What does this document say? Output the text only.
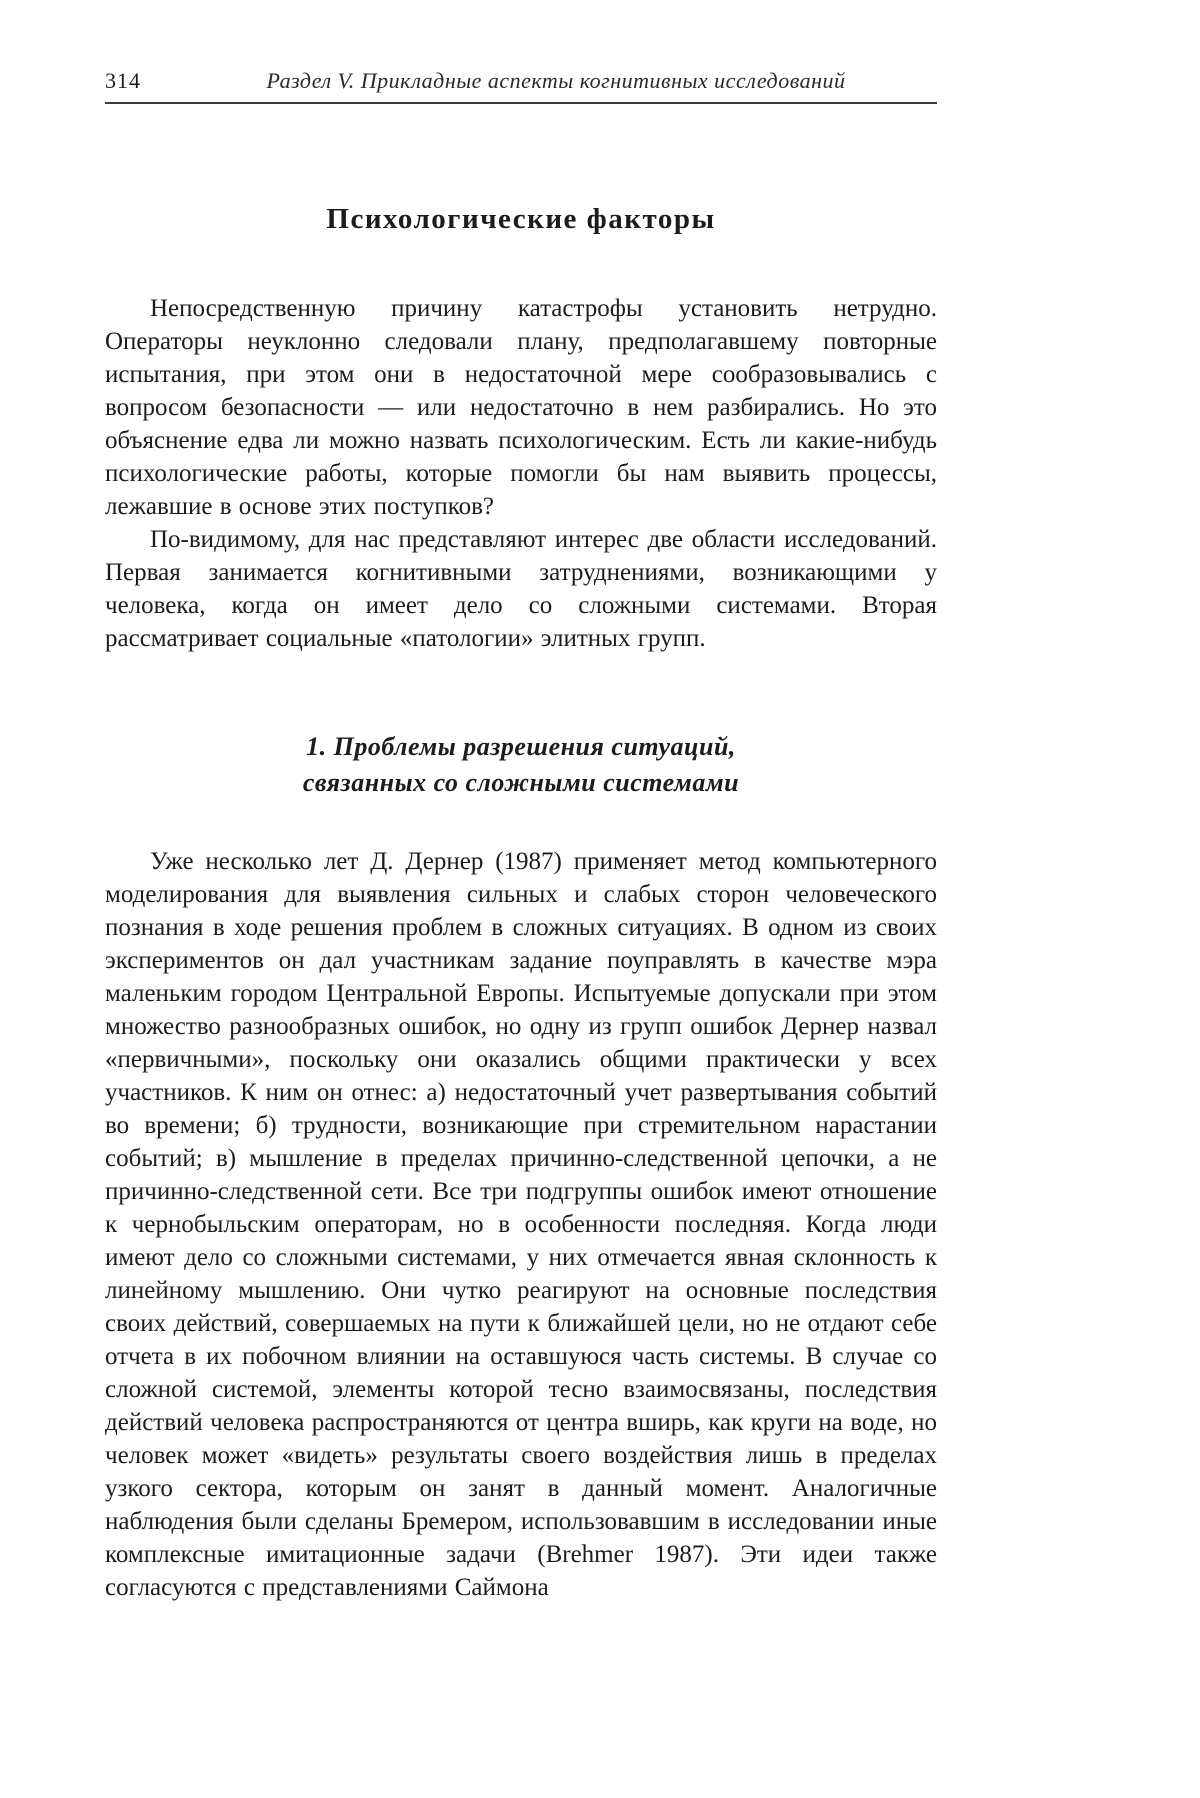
314	Раздел V. Прикладные аспекты когнитивных исследований
Психологические факторы

Непосредственную причину катастрофы установить нетрудно. Операторы неуклонно следовали плану, предполагавшему повторные испытания, при этом они в недостаточной мере сообразовывались с вопросом безопасности — или недостаточно в нем разбирались. Но это объяснение едва ли можно назвать психологическим. Есть ли какие-нибудь психологические работы, которые помогли бы нам выявить процессы, лежавшие в основе этих поступков?

По-видимому, для нас представляют интерес две области исследований. Первая занимается когнитивными затруднениями, возникающими у человека, когда он имеет дело со сложными системами. Вторая рассматривает социальные «патологии» элитных групп.

1. Проблемы разрешения ситуаций,
связанных со сложными системами

Уже несколько лет Д. Дернер (1987) применяет метод компьютерного моделирования для выявления сильных и слабых сторон человеческого познания в ходе решения проблем в сложных ситуациях. В одном из своих экспериментов он дал участникам задание поуправлять в качестве мэра маленьким городом Центральной Европы. Испытуемые допускали при этом множество разнообразных ошибок, но одну из групп ошибок Дернер назвал «первичными», поскольку они оказались общими практически у всех участников. К ним он отнес: а) недостаточный учет развертывания событий во времени; б) трудности, возникающие при стремительном нарастании событий; в) мышление в пределах причинно-следственной цепочки, а не причинно-следственной сети. Все три подгруппы ошибок имеют отношение к чернобыльским операторам, но в особенности последняя. Когда люди имеют дело со сложными системами, у них отмечается явная склонность к линейному мышлению. Они чутко реагируют на основные последствия своих действий, совершаемых на пути к ближайшей цели, но не отдают себе отчета в их побочном влиянии на оставшуюся часть системы. В случае со сложной системой, элементы которой тесно взаимосвязаны, последствия действий человека распространяются от центра вширь, как круги на воде, но человек может «видеть» результаты своего воздействия лишь в пределах узкого сектора, которым он занят в данный момент. Аналогичные наблюдения были сделаны Бремером, использовавшим в исследовании иные комплексные имитационные задачи (Brehmer 1987). Эти идеи также согласуются с представлениями Саймона
